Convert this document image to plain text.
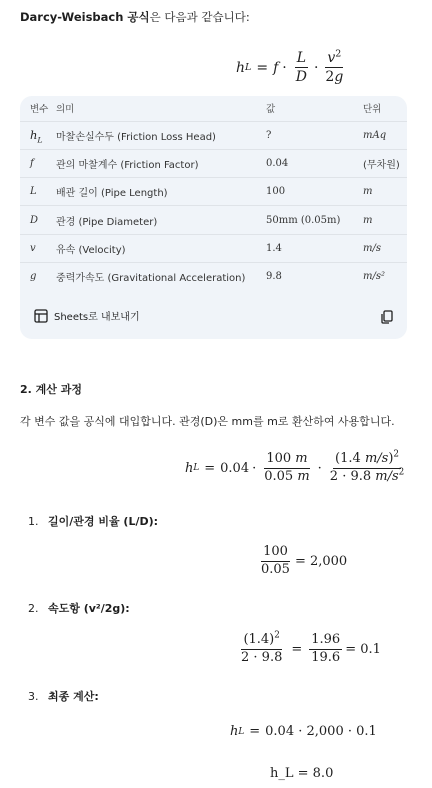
Darcy-Weisbach 공식은 다음과 같습니다:
h $L = f \cdot \frac{L}{D} \cdot \frac{v^2}{2g}$
변수	의미	값	단위
$h_L$	마찰손실수두 (Friction Loss Head)	?	mAq
f	관의 마찰계수 (Friction Factor)	0.04	(무차원)
L	배관 길이 (Pipe Length)	100	m
D	관경 (Pipe Diameter)	50mm (0.05m)	m
v	유속 (Velocity)	1.4	m/s
g	중력가속도 (Gravitational Acceleration)	9.8	m/s²
Sheets로 내보내기
2. 계산 과정
각 변수 값을 공식에 대입합니다. 관경(D)은 mm를 m로 환산하여 사용합니다.
h $L = 0.04 \cdot \frac{100 m}{0.05 m} \cdot \frac{(1.4 m/s)^2}{2 \cdot 9.8 m/s^2}$
1. 길이/관경 비율 (L/D):
$\frac{100}{0.05} = 2,000$
2. 속도항 (v²/2g):
$\frac{(1.4)^2}{2 \cdot 9.8} = \frac{1.96}{19.6} = 0.1$
3. 최종 계산:
h L = 0.04 · 2,000 · 0.1
h_L = 8.0
